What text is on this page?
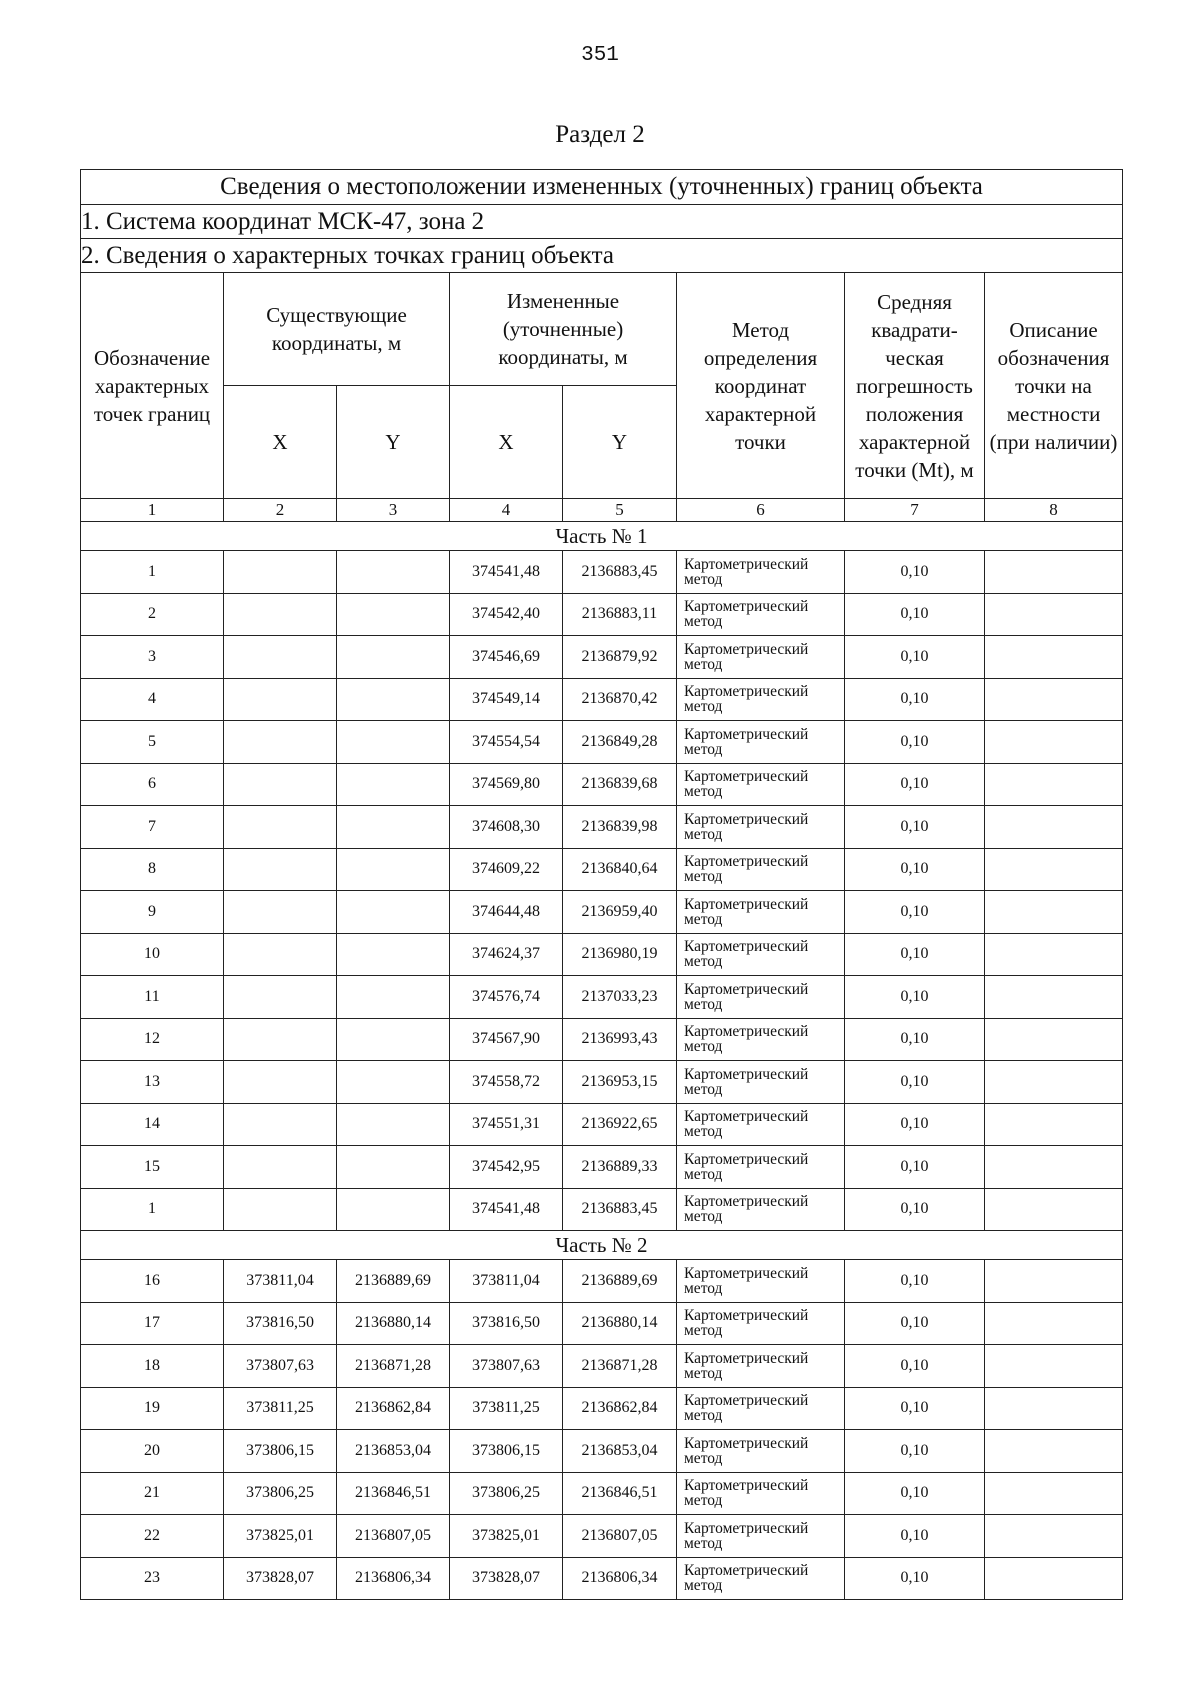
351
Раздел 2
Сведения о местоположении измененных (уточненных) границ объекта							
1. Система координат МСК-47, зона 2							
2. Сведения о характерных точках границ объекта							
Обозначение характерных точек границ	Существующие координаты, м		Измененные (уточненные) координаты, м		Метод определения координат характерной точки	Средняя квадрати-ческая погрешность положения характерной точки (Mt), м	Описание обозначения точки на местности (при наличии)
	X	Y	X	Y			
1	2	3	4	5	6	7	8
Часть № 1							
1			374541,48	2136883,45	Картометрический метод	0,10	
2			374542,40	2136883,11	Картометрический метод	0,10	
3			374546,69	2136879,92	Картометрический метод	0,10	
4			374549,14	2136870,42	Картометрический метод	0,10	
5			374554,54	2136849,28	Картометрический метод	0,10	
6			374569,80	2136839,68	Картометрический метод	0,10	
7			374608,30	2136839,98	Картометрический метод	0,10	
8			374609,22	2136840,64	Картометрический метод	0,10	
9			374644,48	2136959,40	Картометрический метод	0,10	
10			374624,37	2136980,19	Картометрический метод	0,10	
11			374576,74	2137033,23	Картометрический метод	0,10	
12			374567,90	2136993,43	Картометрический метод	0,10	
13			374558,72	2136953,15	Картометрический метод	0,10	
14			374551,31	2136922,65	Картометрический метод	0,10	
15			374542,95	2136889,33	Картометрический метод	0,10	
1			374541,48	2136883,45	Картометрический метод	0,10	
Часть № 2							
16	373811,04	2136889,69	373811,04	2136889,69	Картометрический метод	0,10	
17	373816,50	2136880,14	373816,50	2136880,14	Картометрический метод	0,10	
18	373807,63	2136871,28	373807,63	2136871,28	Картометрический метод	0,10	
19	373811,25	2136862,84	373811,25	2136862,84	Картометрический метод	0,10	
20	373806,15	2136853,04	373806,15	2136853,04	Картометрический метод	0,10	
21	373806,25	2136846,51	373806,25	2136846,51	Картометрический метод	0,10	
22	373825,01	2136807,05	373825,01	2136807,05	Картометрический метод	0,10	
23	373828,07	2136806,34	373828,07	2136806,34	Картометрический метод	0,10	
